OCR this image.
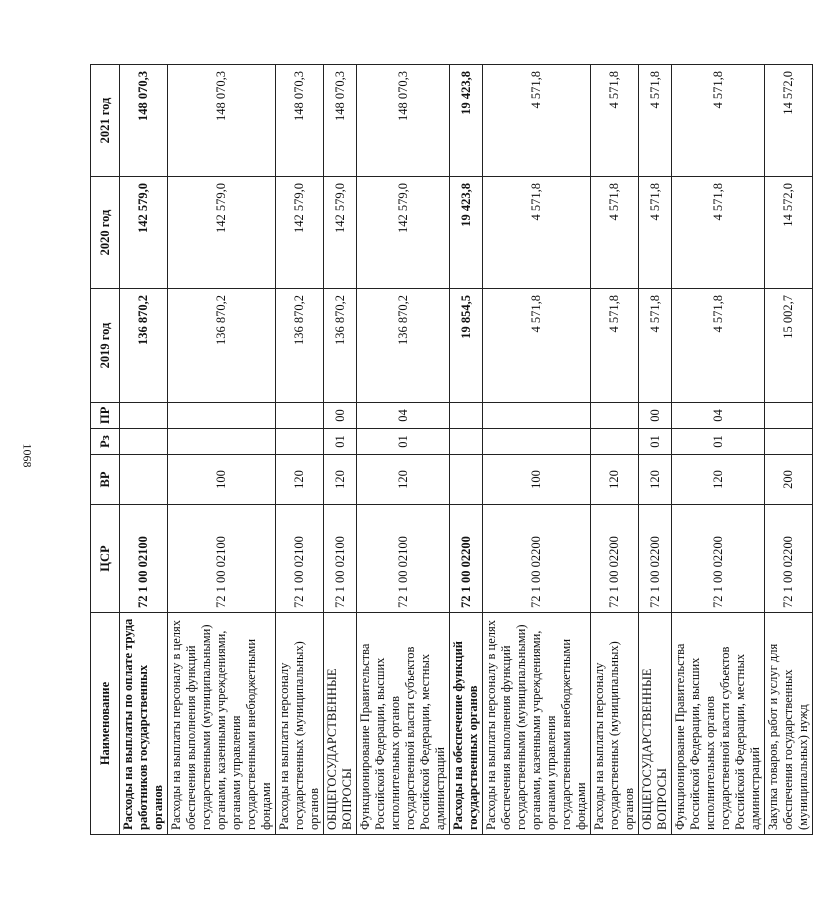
1068
Наименование	ЦСР	ВР	Рз	ПР	2019 год	2020 год	2021 год
Расходы на выплаты по оплате труда работников государственных органов	72 1 00 02100				136 870,2	142 579,0	148 070,3
Расходы на выплаты персоналу в целях обеспечения выполнения функций государственными (муниципальными) органами, казенными учреждениями, органами управления государственными внебюджетными фондами	72 1 00 02100	100			136 870,2	142 579,0	148 070,3
Расходы на выплаты персоналу государственных (муниципальных) органов	72 1 00 02100	120			136 870,2	142 579,0	148 070,3
ОБЩЕГОСУДАРСТВЕННЫЕ ВОПРОСЫ	72 1 00 02100	120	01	00	136 870,2	142 579,0	148 070,3
Функционирование Правительства Российской Федерации, высших исполнительных органов государственной власти субъектов Российской Федерации, местных администраций	72 1 00 02100	120	01	04	136 870,2	142 579,0	148 070,3
Расходы на обеспечение функций государственных органов	72 1 00 02200				19 854,5	19 423,8	19 423,8
Расходы на выплаты персоналу в целях обеспечения выполнения функций государственными (муниципальными) органами, казенными учреждениями, органами управления государственными внебюджетными фондами	72 1 00 02200	100			4 571,8	4 571,8	4 571,8
Расходы на выплаты персоналу государственных (муниципальных) органов	72 1 00 02200	120			4 571,8	4 571,8	4 571,8
ОБЩЕГОСУДАРСТВЕННЫЕ ВОПРОСЫ	72 1 00 02200	120	01	00	4 571,8	4 571,8	4 571,8
Функционирование Правительства Российской Федерации, высших исполнительных органов государственной власти субъектов Российской Федерации, местных администраций	72 1 00 02200	120	01	04	4 571,8	4 571,8	4 571,8
Закупка товаров, работ и услуг для обеспечения государственных (муниципальных) нужд	72 1 00 02200	200			15 002,7	14 572,0	14 572,0
